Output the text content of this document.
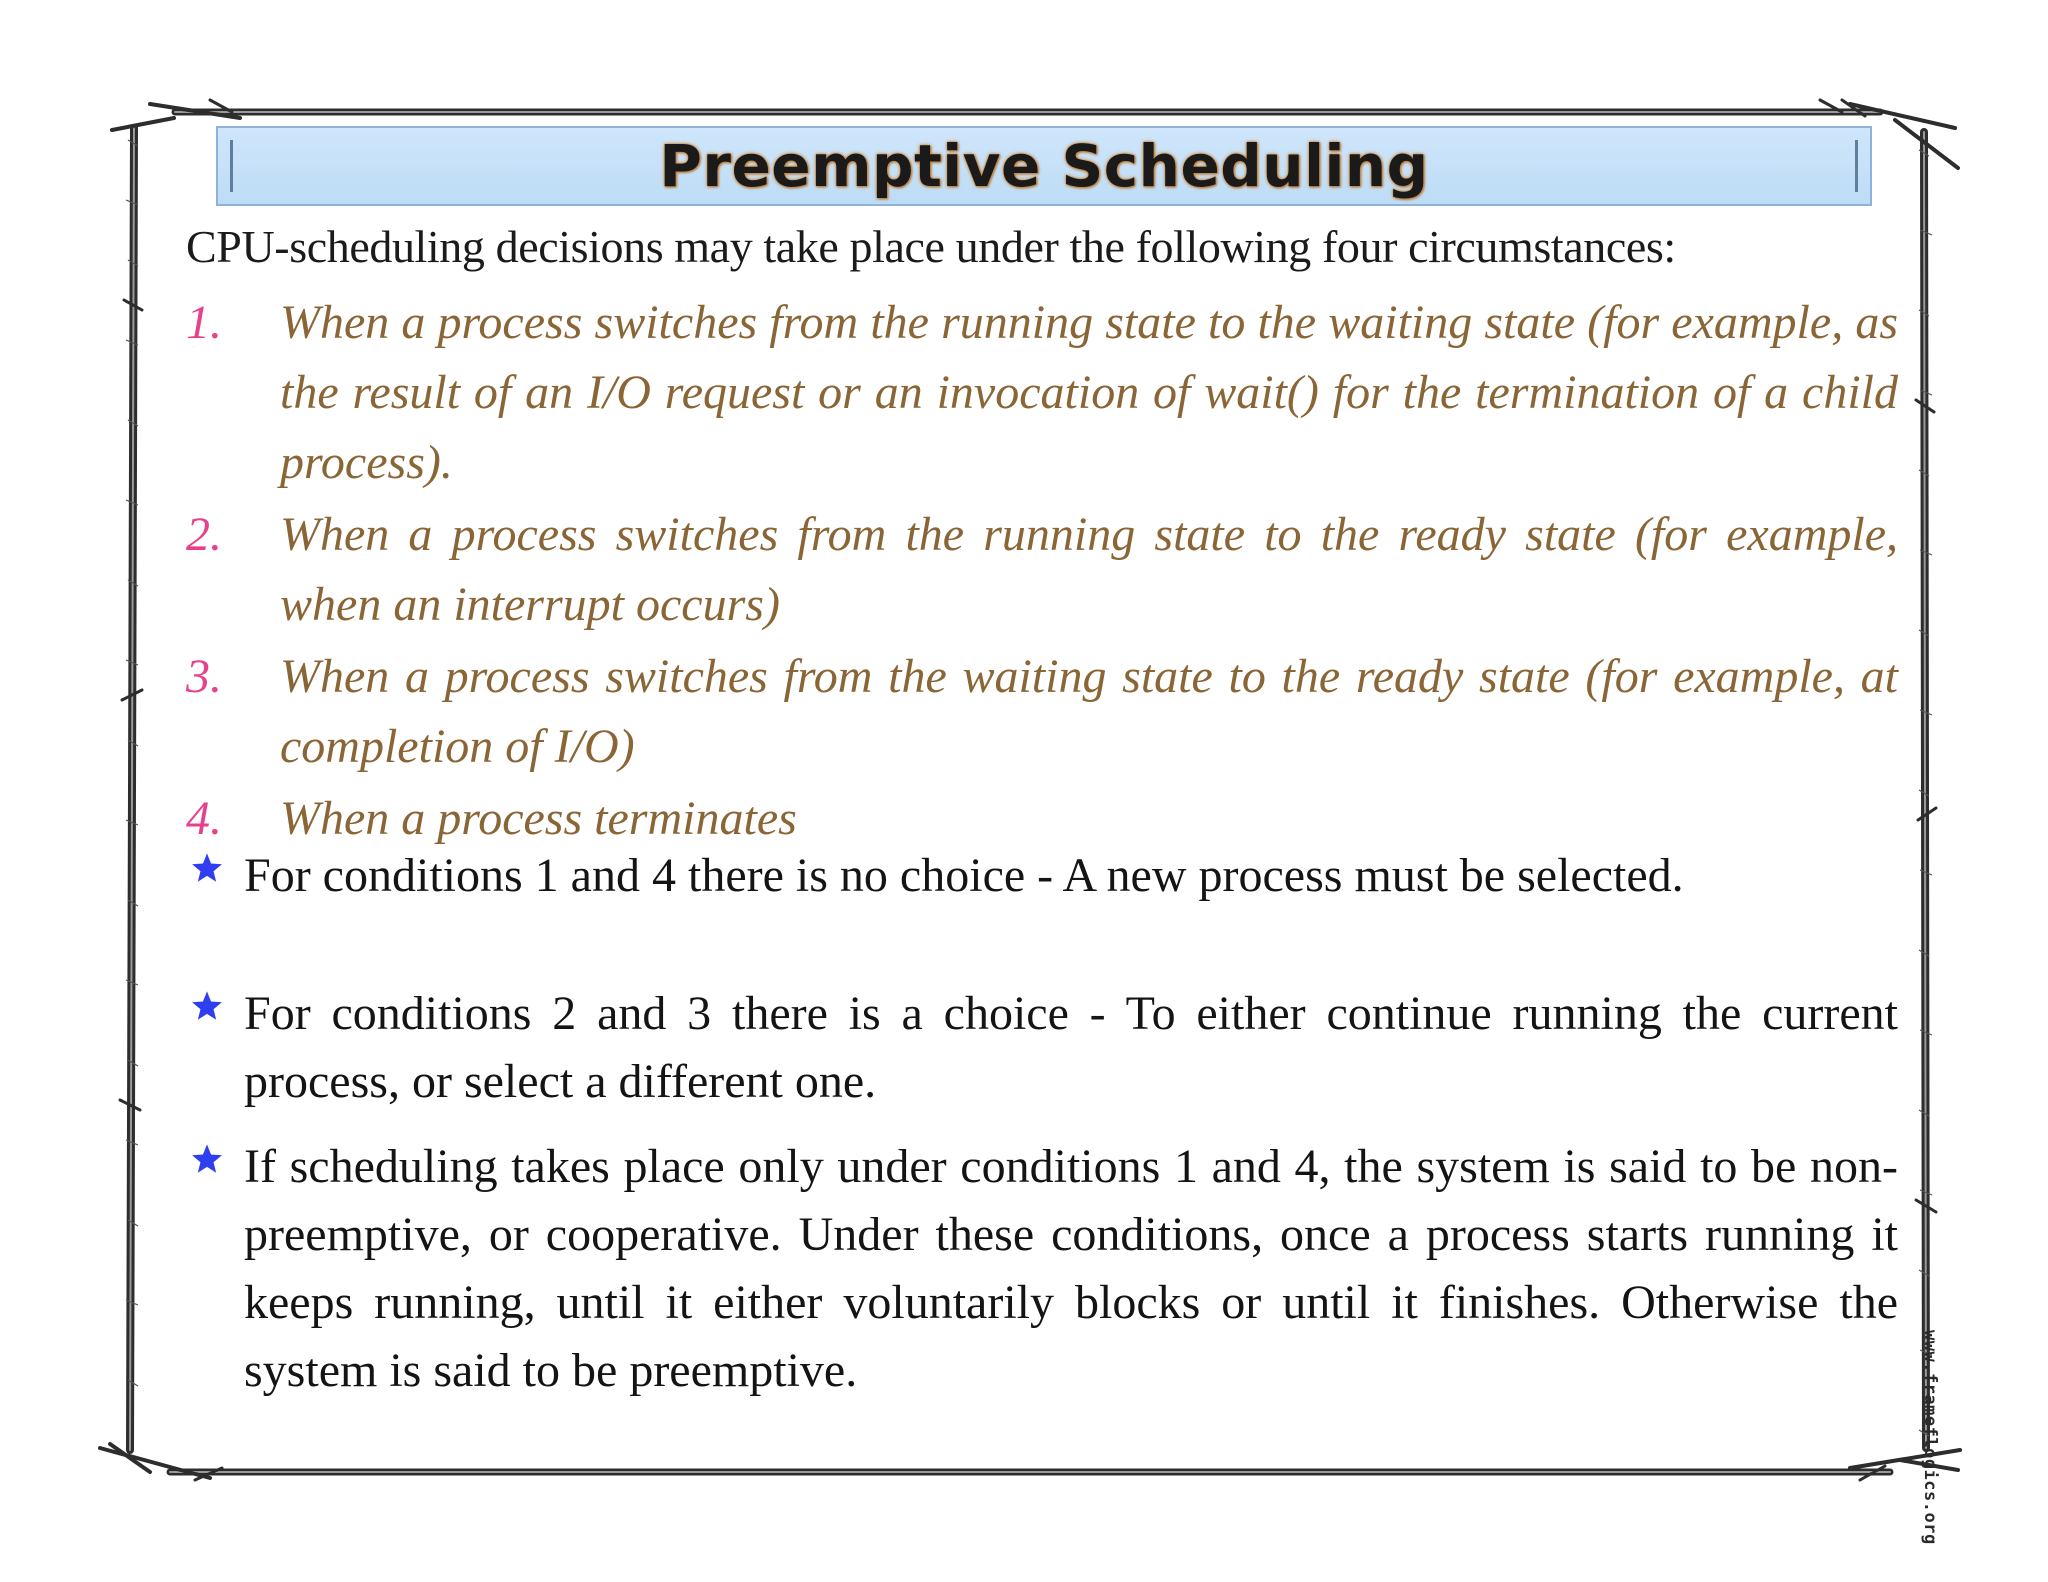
Preemptive Scheduling
CPU-scheduling decisions may take place under the following four circumstances:
1. When a process switches from the running state to the waiting state (for example, as the result of an I/O request or an invocation of wait() for the termination of a child process).
2. When a process switches from the running state to the ready state (for example, when an interrupt occurs)
3. When a process switches from the waiting state to the ready state (for example, at completion of I/O)
4. When a process terminates
For conditions 1 and 4 there is no choice - A new process must be selected.
For conditions 2 and 3 there is a choice - To either continue running the current process, or select a different one.
If scheduling takes place only under conditions 1 and 4, the system is said to be non-preemptive, or cooperative. Under these conditions, once a process starts running it keeps running, until it either voluntarily blocks or until it finishes. Otherwise the system is said to be preemptive.	www.frameflogics.org
